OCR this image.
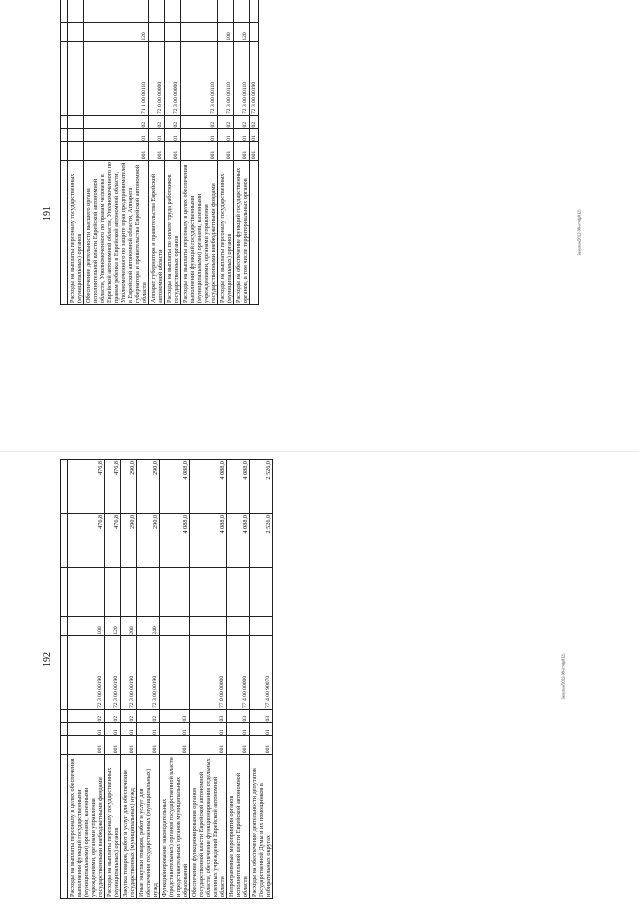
191	Закупки/2022-98-отч(р812)

Расходы на выплаты персоналу государственных (муниципальных) органов								
Обеспечение деятельности высшего органа исполнительной власти Еврейской автономной области, Уполномоченного по правам человека в Еврейской автономной области, Уполномоченного по правам ребенка в Еврейской автономной области, Уполномоченного по защите прав предпринимателей в Еврейской автономной области, Аппарата губернатора и правительства Еврейской автономной области	001	01	02	71 1 00 00110	120			
Аппарат губернатора и правительства Еврейской автономной области	001	01	02	72 0 00 00000				
Расходы на выплаты по оплате труда работников государственных органов	001	01	02	72 3 00 00000				
Расходы на выплаты персоналу в целях обеспечения выполнения функций государственными (муниципальными) органами, казенными учреждениями, органами управления государственными внебюджетными фондами	001	01	02	72 3 00 00110				
Расходы на выплаты персоналу государственных (муниципальных) органов	001	01	02	72 3 00 00110	100			
Расходы на обеспечение функций государственных органов, в том числе территориальных органов	001	01	02	72 3 00 00110	120			
	001	01	02	72 3 00 00190				
192	Закупки/2022-98-отч(р812)

Расходы на выплаты персоналу в целях обеспечения выполнения функций государственными (муниципальными) органами, казенными учреждениями, органами управления государственными внебюджетными фондами	001	01	02	72 3 00 00190	100		476,8	476,8
Расходы на выплаты персоналу государственных (муниципальных) органов	001	01	02	72 3 00 00190	120		476,8	476,8
Закупка товаров, работ и услуг для обеспечения государственных (муниципальных) нужд	001	01	02	72 3 00 00190	200		290,0	290,0
Иные закупки товаров, работ и услуг для обеспечения государственных (муниципальных) нужд	001	01	02	72 3 00 00190	240		290,0	290,0
Функционирование законодательных (представительных) органов государственной власти и представительных органов муниципальных образований	001	01	03				4 088,0	4 088,0
Обеспечение функционирования органов государственной власти Еврейской автономной области, обеспечение функционирования отдельных казенных учреждений Еврейской автономной области	001	01	03	77 0 00 00000			4 088,0	4 088,0
Непрограммные мероприятия органов исполнительной власти Еврейской автономной области	001	01	03	77 4 00 00000			4 088,0	4 088,0
Расходы на обеспечение деятельности депутатов Государственной Думы и их помощников в избирательных округах	001	01	03	77 4 00 90070			2 526,0	2 526,0
